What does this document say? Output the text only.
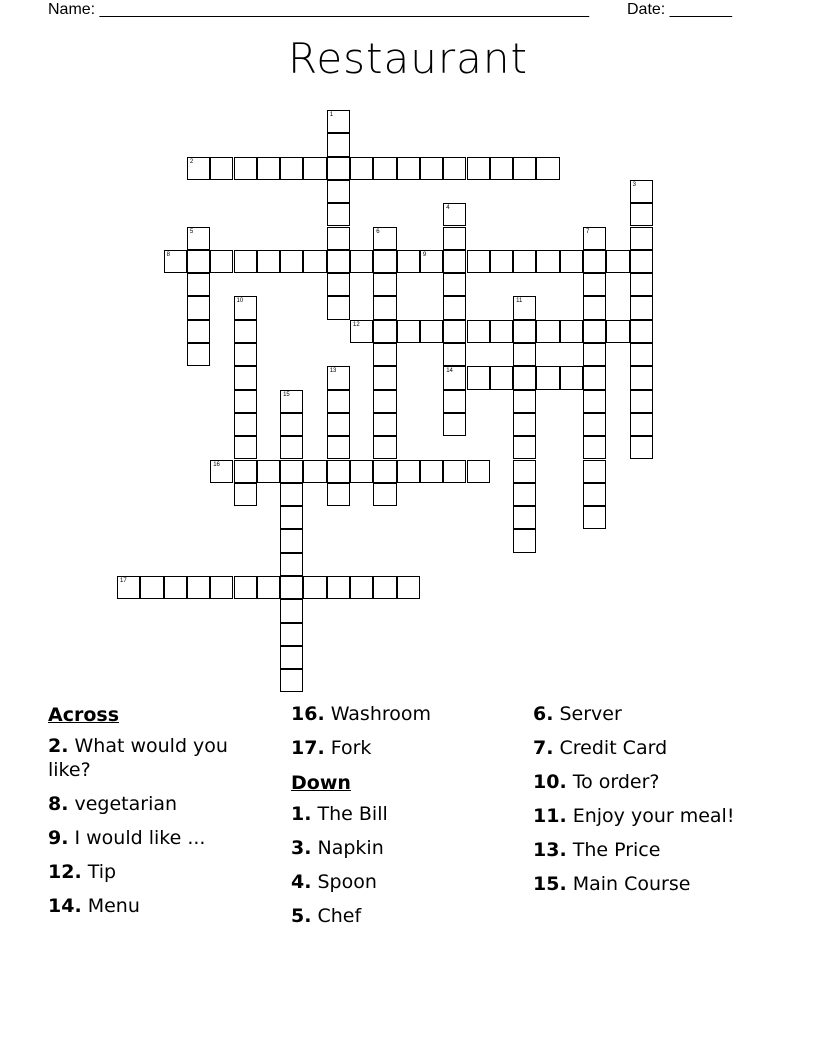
Name: _______________________________________________________ Date: _______
Restaurant
1
2
3
4
14
5	6	7
8	9
10	11
12
13
15
16
17
Across
2. What would you like?
8. vegetarian
9. I would like ...
12. Tip
14. Menu
16. Washroom
17. Fork
Down
1. The Bill
3. Napkin
4. Spoon
5. Chef
6. Server
7. Credit Card
10. To order?
11. Enjoy your meal!
13. The Price
15. Main Course
